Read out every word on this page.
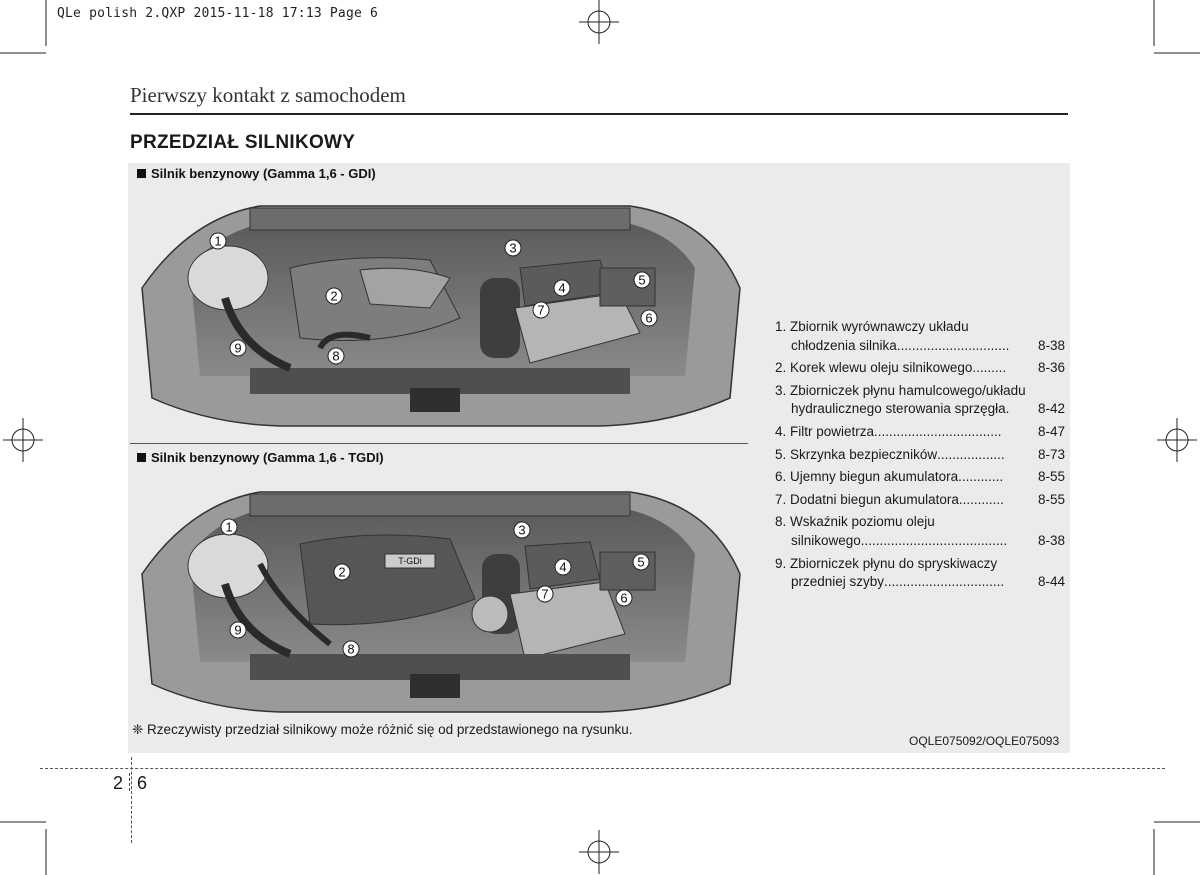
QLe polish 2.QXP 2015-11-18 17:13 Page 6
Pierwszy kontakt z samochodem
PRZEDZIAŁ SILNIKOWY
Silnik benzynowy (Gamma 1,6 - GDI)
1
2
3
4
5
6
7
8
9
Silnik benzynowy (Gamma 1,6 - TGDI)
T-GDi
1
2
3
4	5
6
7
8
9
1. Zbiornik wyrównawczy układu
chłodzenia silnika ..............................	8-38
2. Korek wlewu oleju silnikowego .........	8-36
3. Zbiorniczek płynu hamulcowego/układu
hydraulicznego sterowania sprzęgła .	8-42
4. Filtr powietrza ..................................	8-47
5. Skrzynka bezpieczników ..................	8-73
6. Ujemny biegun akumulatora ............	8-55
7. Dodatni biegun akumulatora ............	8-55
8. Wskaźnik poziomu oleju
silnikowego .......................................	8-38
9. Zbiorniczek płynu do spryskiwaczy
przedniej szyby ................................	8-44
❈ Rzeczywisty przedział silnikowy może różnić się od przedstawionego na rysunku.
OQLE075092/OQLE075093
2 6
